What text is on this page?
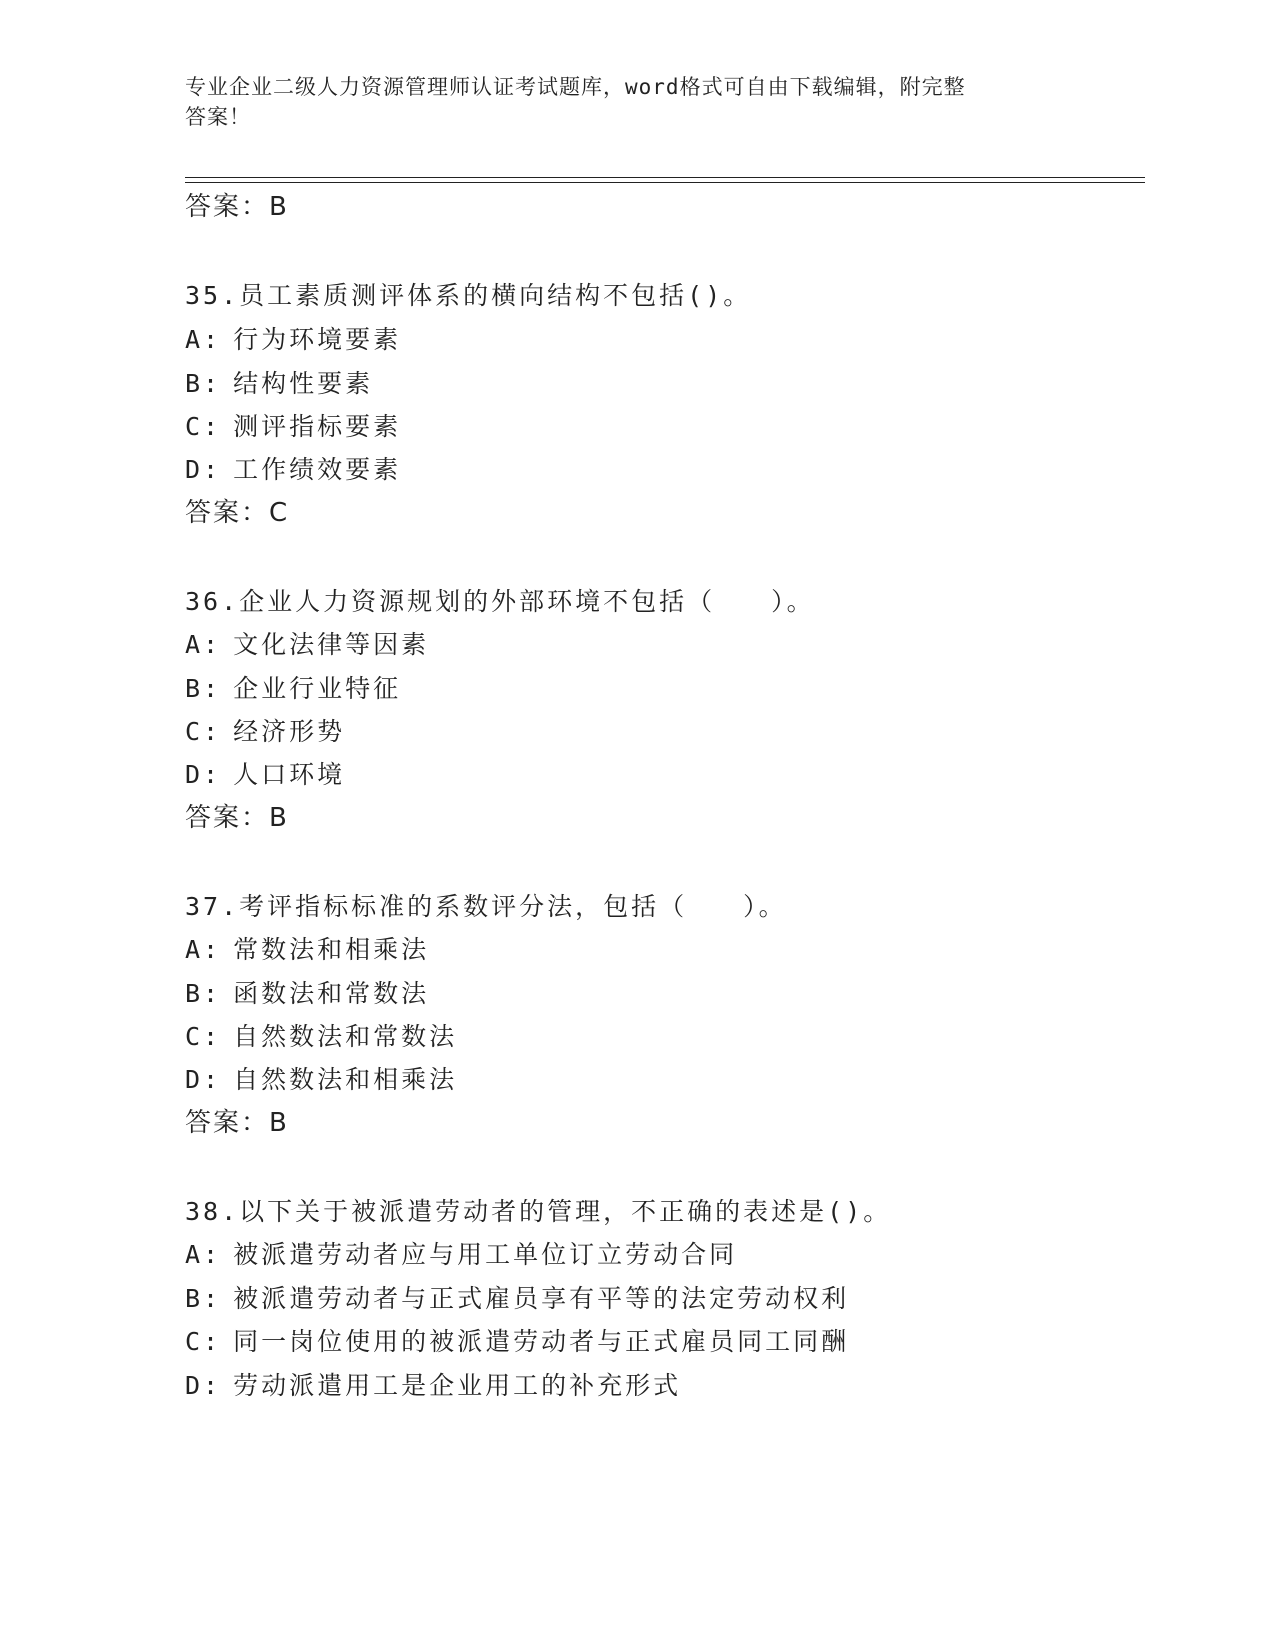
专业企业二级人力资源管理师认证考试题库，word格式可自由下载编辑，附完整
答案！
答案：B
35.员工素质测评体系的横向结构不包括()。
A: 行为环境要素
B: 结构性要素
C: 测评指标要素
D: 工作绩效要素
答案：C
36.企业人力资源规划的外部环境不包括（　　）。
A: 文化法律等因素
B: 企业行业特征
C: 经济形势
D: 人口环境
答案：B
37.考评指标标准的系数评分法，包括（　　）。
A: 常数法和相乘法
B: 函数法和常数法
C: 自然数法和常数法
D: 自然数法和相乘法
答案：B
38.以下关于被派遣劳动者的管理，不正确的表述是()。
A: 被派遣劳动者应与用工单位订立劳动合同
B: 被派遣劳动者与正式雇员享有平等的法定劳动权利
C: 同一岗位使用的被派遣劳动者与正式雇员同工同酬
D: 劳动派遣用工是企业用工的补充形式
